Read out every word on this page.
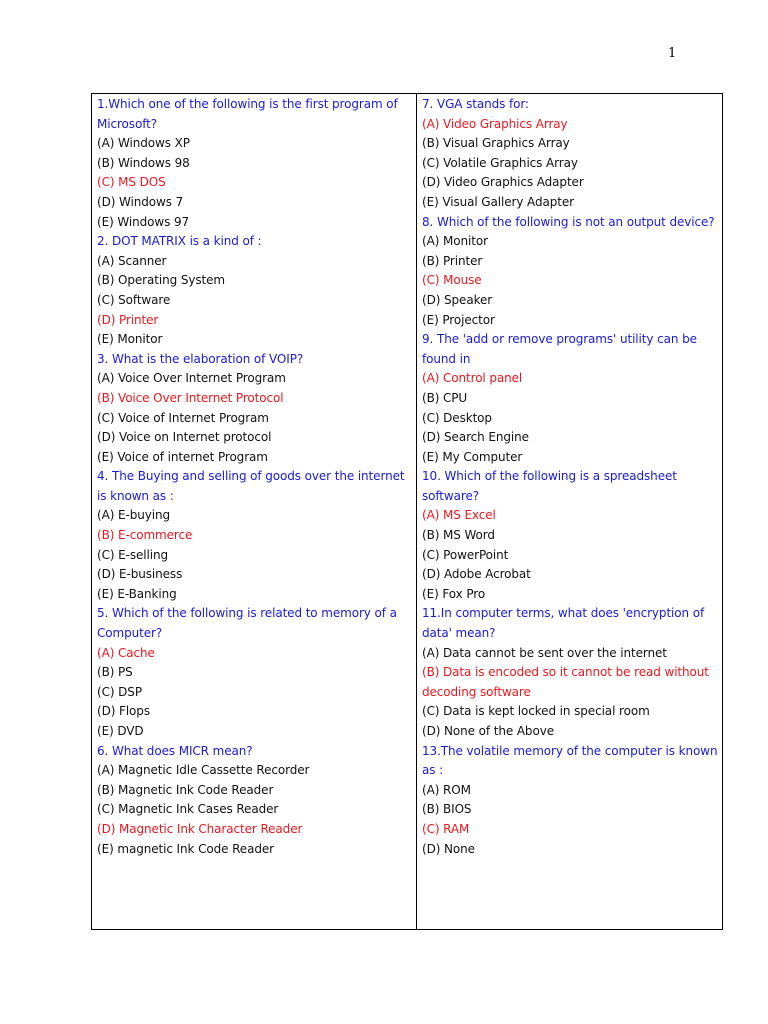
1
1.Which one of the following is the first program of Microsoft?
(A) Windows XP
(B) Windows 98
(C) MS DOS
(D) Windows 7
(E) Windows 97
2. DOT MATRIX is a kind of :
(A) Scanner
(B) Operating System
(C) Software
(D) Printer
(E) Monitor
3. What is the elaboration of VOIP?
(A) Voice Over Internet Program
(B) Voice Over Internet Protocol
(C) Voice of Internet Program
(D) Voice on Internet protocol
(E) Voice of internet Program
4. The Buying and selling of goods over the internet is known as :
(A) E-buying
(B) E-commerce
(C) E-selling
(D) E-business
(E) E-Banking
5. Which of the following is related to memory of a Computer?
(A) Cache
(B) PS
(C) DSP
(D) Flops
(E) DVD
6. What does MICR mean?
(A) Magnetic Idle Cassette Recorder
(B) Magnetic Ink Code Reader
(C) Magnetic Ink Cases Reader
(D) Magnetic Ink Character Reader
(E) magnetic Ink Code Reader
7. VGA stands for:
(A) Video Graphics Array
(B) Visual Graphics Array
(C) Volatile Graphics Array
(D) Video Graphics Adapter
(E) Visual Gallery Adapter
8. Which of the following is not an output device?
(A) Monitor
(B) Printer
(C) Mouse
(D) Speaker
(E) Projector
9. The 'add or remove programs' utility can be found in
(A) Control panel
(B) CPU
(C) Desktop
(D) Search Engine
(E) My Computer
10. Which of the following is a spreadsheet software?
(A) MS Excel
(B) MS Word
(C) PowerPoint
(D) Adobe Acrobat
(E) Fox Pro
11.In computer terms, what does 'encryption of data' mean?
(A) Data cannot be sent over the internet
(B) Data is encoded so it cannot be read without decoding software
(C) Data is kept locked in special room
(D) None of the Above
13.The volatile memory of the computer is known as :
(A) ROM
(B) BIOS
(C) RAM
(D) None
